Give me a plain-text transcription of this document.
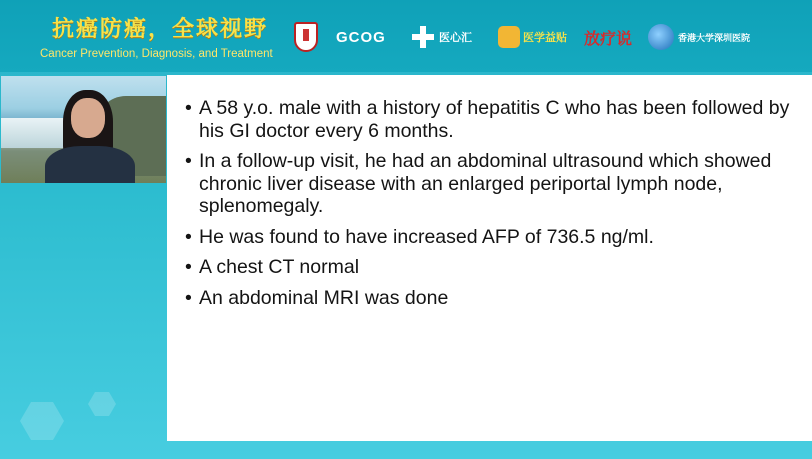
抗癌防癌，全球视野
Cancer Prevention, Diagnosis, and Treatment
GCOG	医心汇	医学益贴 放疗说	香港大学深圳医院
• A 58 y.o. male with a history of hepatitis C who has been followed by his GI doctor every 6 months.
• In a follow-up visit, he had an abdominal ultrasound which showed chronic liver disease with an enlarged periportal lymph node, splenomegaly.
• He was found to have increased AFP of 736.5 ng/ml.
• A chest CT normal
• An abdominal MRI was done
